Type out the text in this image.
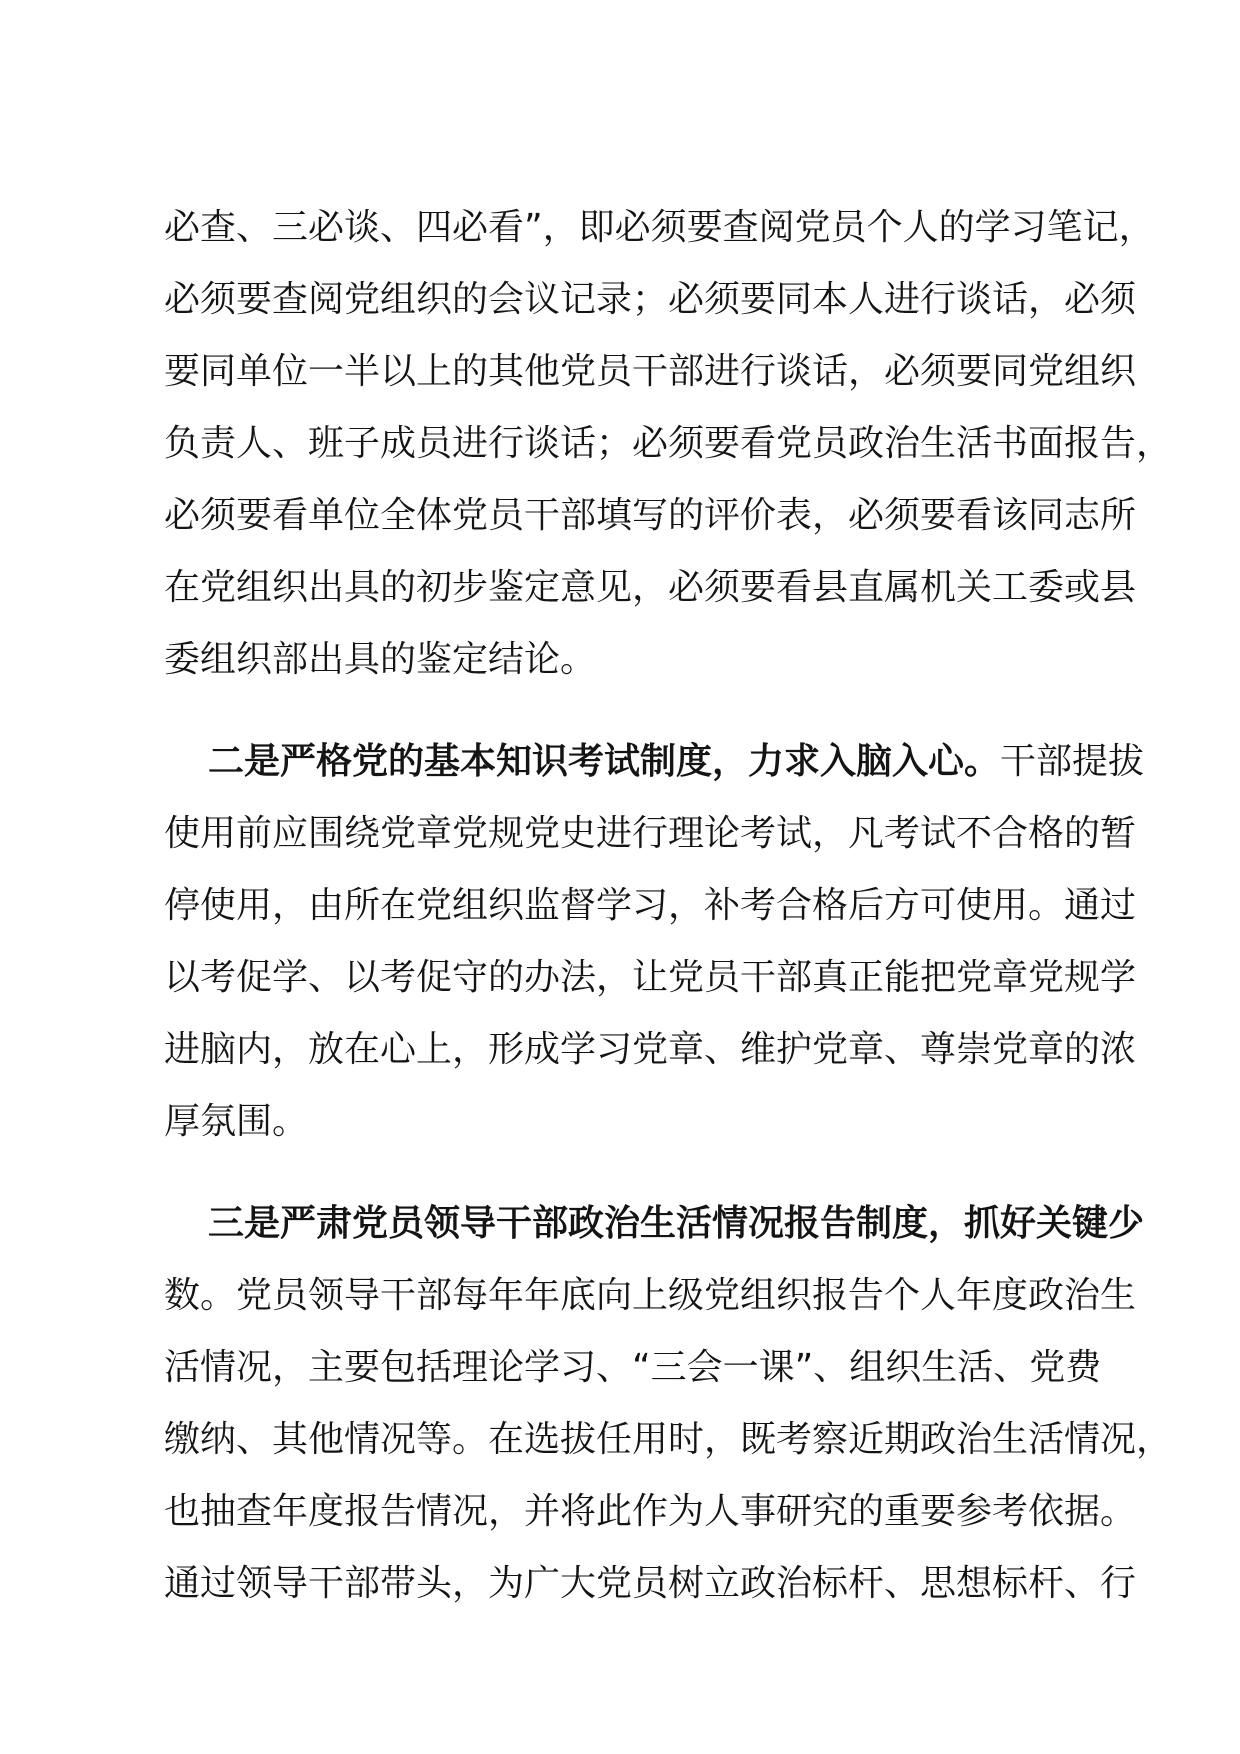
必查、三必谈、四必看”，即必须要查阅党员个人的学习笔记，
必须要查阅党组织的会议记录；必须要同本人进行谈话，必须
要同单位一半以上的其他党员干部进行谈话，必须要同党组织
负责人、班子成员进行谈话；必须要看党员政治生活书面报告，
必须要看单位全体党员干部填写的评价表，必须要看该同志所
在党组织出具的初步鉴定意见，必须要看县直属机关工委或县
委组织部出具的鉴定结论。
二是严格党的基本知识考试制度，力求入脑入心。干部提拔
使用前应围绕党章党规党史进行理论考试，凡考试不合格的暂
停使用，由所在党组织监督学习，补考合格后方可使用。通过
以考促学、以考促守的办法，让党员干部真正能把党章党规学
进脑内，放在心上，形成学习党章、维护党章、尊崇党章的浓
厚氛围。
三是严肃党员领导干部政治生活情况报告制度，抓好关键少
数。党员领导干部每年年底向上级党组织报告个人年度政治生
活情况，主要包括理论学习、“三会一课”、组织生活、党费
缴纳、其他情况等。在选拔任用时，既考察近期政治生活情况，
也抽查年度报告情况，并将此作为人事研究的重要参考依据。
通过领导干部带头，为广大党员树立政治标杆、思想标杆、行
